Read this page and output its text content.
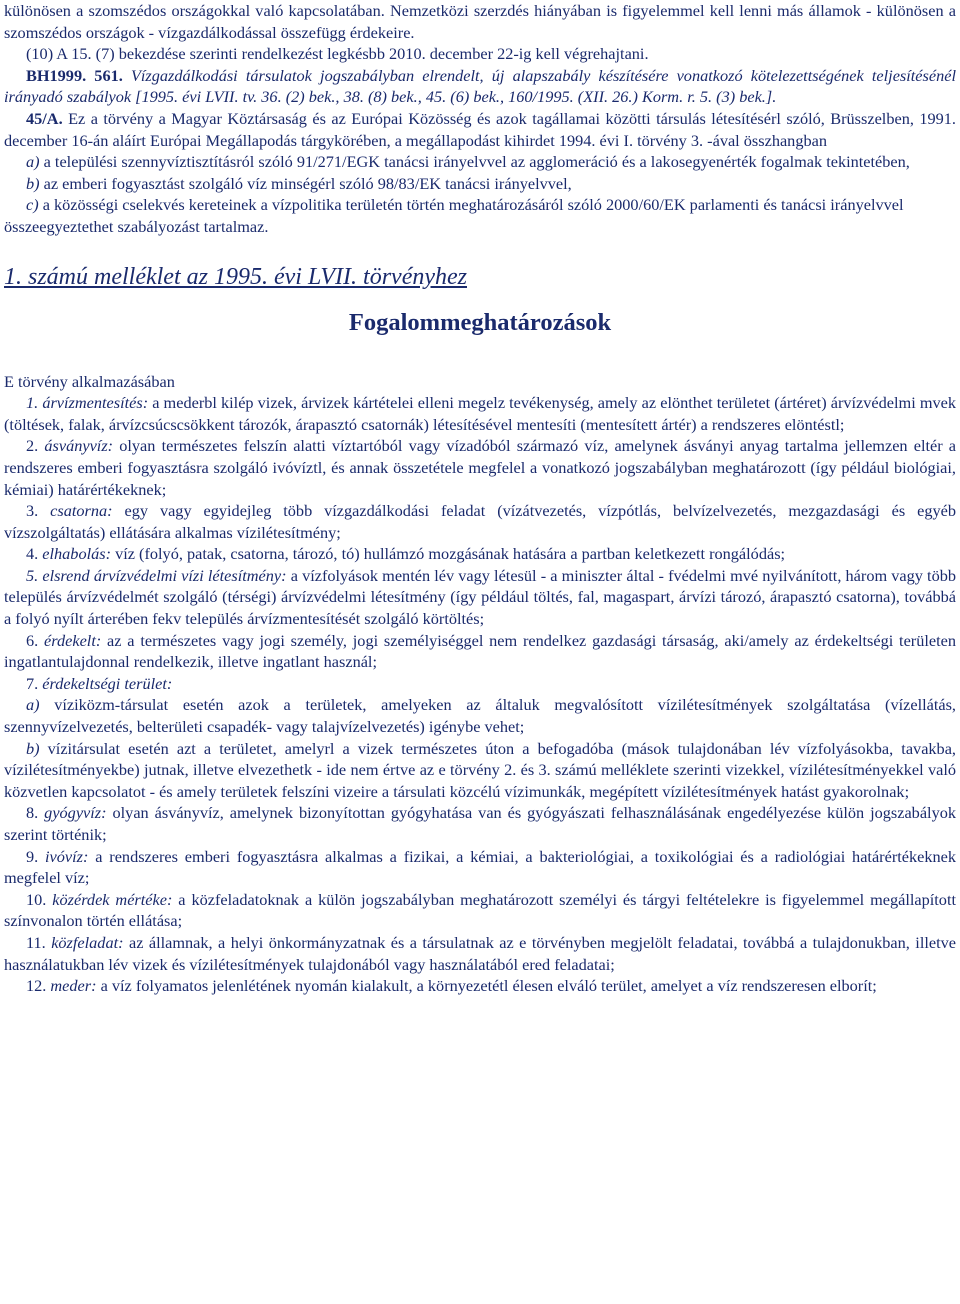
különösen a szomszédos országokkal való kapcsolatában. Nemzetközi szerzdés hiányában is figyelemmel kell lenni más államok - különösen a szomszédos országok - vízgazdálkodással összefügg érdekeire.

(10) A 15. (7) bekezdése szerinti rendelkezést legkésbb 2010. december 22-ig kell végrehajtani.

BH1999. 561. Vízgazdálkodási társulatok jogszabályban elrendelt, új alapszabály készítésére vonatkozó kötelezettségének teljesítésénél irányadó szabályok [1995. évi LVII. tv. 36. (2) bek., 38. (8) bek., 45. (6) bek., 160/1995. (XII. 26.) Korm. r. 5. (3) bek.].

45/A. Ez a törvény a Magyar Köztársaság és az Európai Közösség és azok tagállamai közötti társulás létesítésérl szóló, Brüsszelben, 1991. december 16-án aláírt Európai Megállapodás tárgykörében, a megállapodást kihirdet 1994. évi I. törvény 3. -ával összhangban

a) a települési szennyvíztisztításról szóló 91/271/EGK tanácsi irányelvvel az agglomeráció és a lakosegyenérték fogalmak tekintetében,

b) az emberi fogyasztást szolgáló víz minségérl szóló 98/83/EK tanácsi irányelvvel,

c) a közösségi cselekvés kereteinek a vízpolitika területén történ meghatározásáról szóló 2000/60/EK parlamenti és tanácsi irányelvvel

összeegyeztethet szabályozást tartalmaz.

1. számú melléklet az 1995. évi LVII. törvényhez
Fogalommeghatározások

E törvény alkalmazásában

1. árvízmentesítés: a mederbl kilép vizek, árvizek kártételei elleni megelz tevékenység, amely az elönthet területet (ártéret) árvízvédelmi mvek (töltések, falak, árvízcsúcscsökkent tározók, árapasztó csatornák) létesítésével mentesíti (mentesített ártér) a rendszeres elöntéstl;

2. ásványvíz: olyan természetes felszín alatti víztartóból vagy vízadóból származó víz, amelynek ásványi anyag tartalma jellemzen eltér a rendszeres emberi fogyasztásra szolgáló ivóvíztl, és annak összetétele megfelel a vonatkozó jogszabályban meghatározott (így például biológiai, kémiai) határértékeknek;

3. csatorna: egy vagy egyidejleg több vízgazdálkodási feladat (vízátvezetés, vízpótlás, belvízelvezetés, mezgazdasági és egyéb vízszolgáltatás) ellátására alkalmas vízilétesítmény;

4. elhabolás: víz (folyó, patak, csatorna, tározó, tó) hullámzó mozgásának hatására a partban keletkezett rongálódás;

5. elsrend árvízvédelmi vízi létesítmény: a vízfolyások mentén lév vagy létesül - a miniszter által - fvédelmi mvé nyilvánított, három vagy több település árvízvédelmét szolgáló (térségi) árvízvédelmi létesítmény (így például töltés, fal, magaspart, árvízi tározó, árapasztó csatorna), továbbá a folyó nyílt árterében fekv település árvízmentesítését szolgáló körtöltés;

6. érdekelt: az a természetes vagy jogi személy, jogi személyiséggel nem rendelkez gazdasági társaság, aki/amely az érdekeltségi területen ingatlantulajdonnal rendelkezik, illetve ingatlant használ;

7. érdekeltségi terület:

a) víziközm-társulat esetén azok a területek, amelyeken az általuk megvalósított vízilétesítmények szolgáltatása (vízellátás, szennyvízelvezetés, belterületi csapadék- vagy talajvízelvezetés) igénybe vehet;

b) vízitársulat esetén azt a területet, amelyrl a vizek természetes úton a befogadóba (mások tulajdonában lév vízfolyásokba, tavakba, vízilétesítményekbe) jutnak, illetve elvezethetk - ide nem értve az e törvény 2. és 3. számú melléklete szerinti vizekkel, vízilétesítményekkel való közvetlen kapcsolatot - és amely területek felszíni vizeire a társulati közcélú vízimunkák, megépített vízilétesítmények hatást gyakorolnak;

8. gyógyvíz: olyan ásványvíz, amelynek bizonyítottan gyógyhatása van és gyógyászati felhasználásának engedélyezése külön jogszabályok szerint történik;

9. ivóvíz: a rendszeres emberi fogyasztásra alkalmas a fizikai, a kémiai, a bakteriológiai, a toxikológiai és a radiológiai határértékeknek megfelel víz;

10. közérdek mértéke: a közfeladatoknak a külön jogszabályban meghatározott személyi és tárgyi feltételekre is figyelemmel megállapított színvonalon történ ellátása;

11. közfeladat: az államnak, a helyi önkormányzatnak és a társulatnak az e törvényben megjelölt feladatai, továbbá a tulajdonukban, illetve használatukban lév vizek és vízilétesítmények tulajdonából vagy használatából ered feladatai;

12. meder: a víz folyamatos jelenlétének nyomán kialakult, a környezetétl élesen elváló terület, amelyet a víz rendszeresen elborít;
